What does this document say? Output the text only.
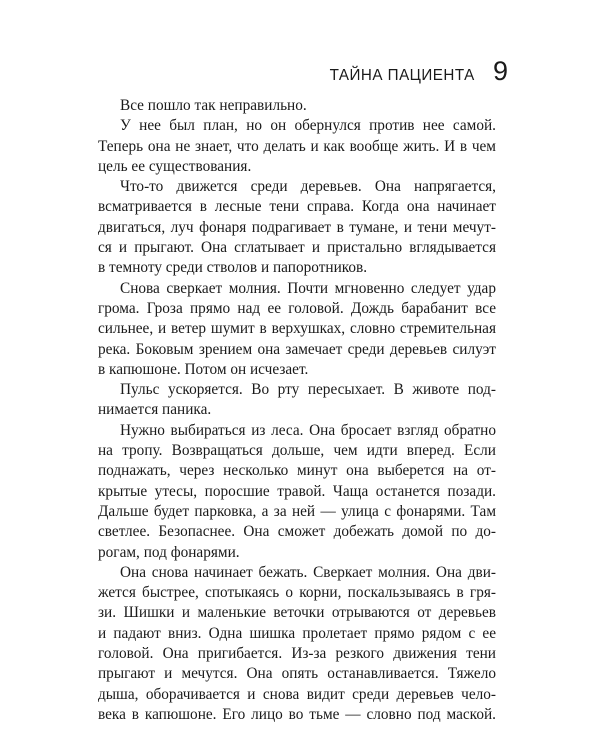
ТАЙНА ПАЦИЕНТА 9
Все пошло так неправильно.
У нее был план, но он обернулся против нее самой.
Теперь она не знает, что делать и как вообще жить. И в чем
цель ее существования.
Что-то движется среди деревьев. Она напрягается,
всматривается в лесные тени справа. Когда она начинает
двигаться, луч фонаря подрагивает в тумане, и тени мечут-
ся и прыгают. Она сглатывает и пристально вглядывается
в темноту среди стволов и папоротников.
Снова сверкает молния. Почти мгновенно следует удар
грома. Гроза прямо над ее головой. Дождь барабанит все
сильнее, и ветер шумит в верхушках, словно стремительная
река. Боковым зрением она замечает среди деревьев силуэт
в капюшоне. Потом он исчезает.
Пульс ускоряется. Во рту пересыхает. В животе под-
нимается паника.
Нужно выбираться из леса. Она бросает взгляд обратно
на тропу. Возвращаться дольше, чем идти вперед. Если
поднажать, через несколько минут она выберется на от-
крытые утесы, поросшие травой. Чаща останется позади.
Дальше будет парковка, а за ней — улица с фонарями. Там
светлее. Безопаснее. Она сможет добежать домой по до-
рогам, под фонарями.
Она снова начинает бежать. Сверкает молния. Она дви-
жется быстрее, спотыкаясь о корни, поскальзываясь в гря-
зи. Шишки и маленькие веточки отрываются от деревьев
и падают вниз. Одна шишка пролетает прямо рядом с ее
головой. Она пригибается. Из-за резкого движения тени
прыгают и мечутся. Она опять останавливается. Тяжело
дыша, оборачивается и снова видит среди деревьев чело-
века в капюшоне. Его лицо во тьме — словно под маской.
